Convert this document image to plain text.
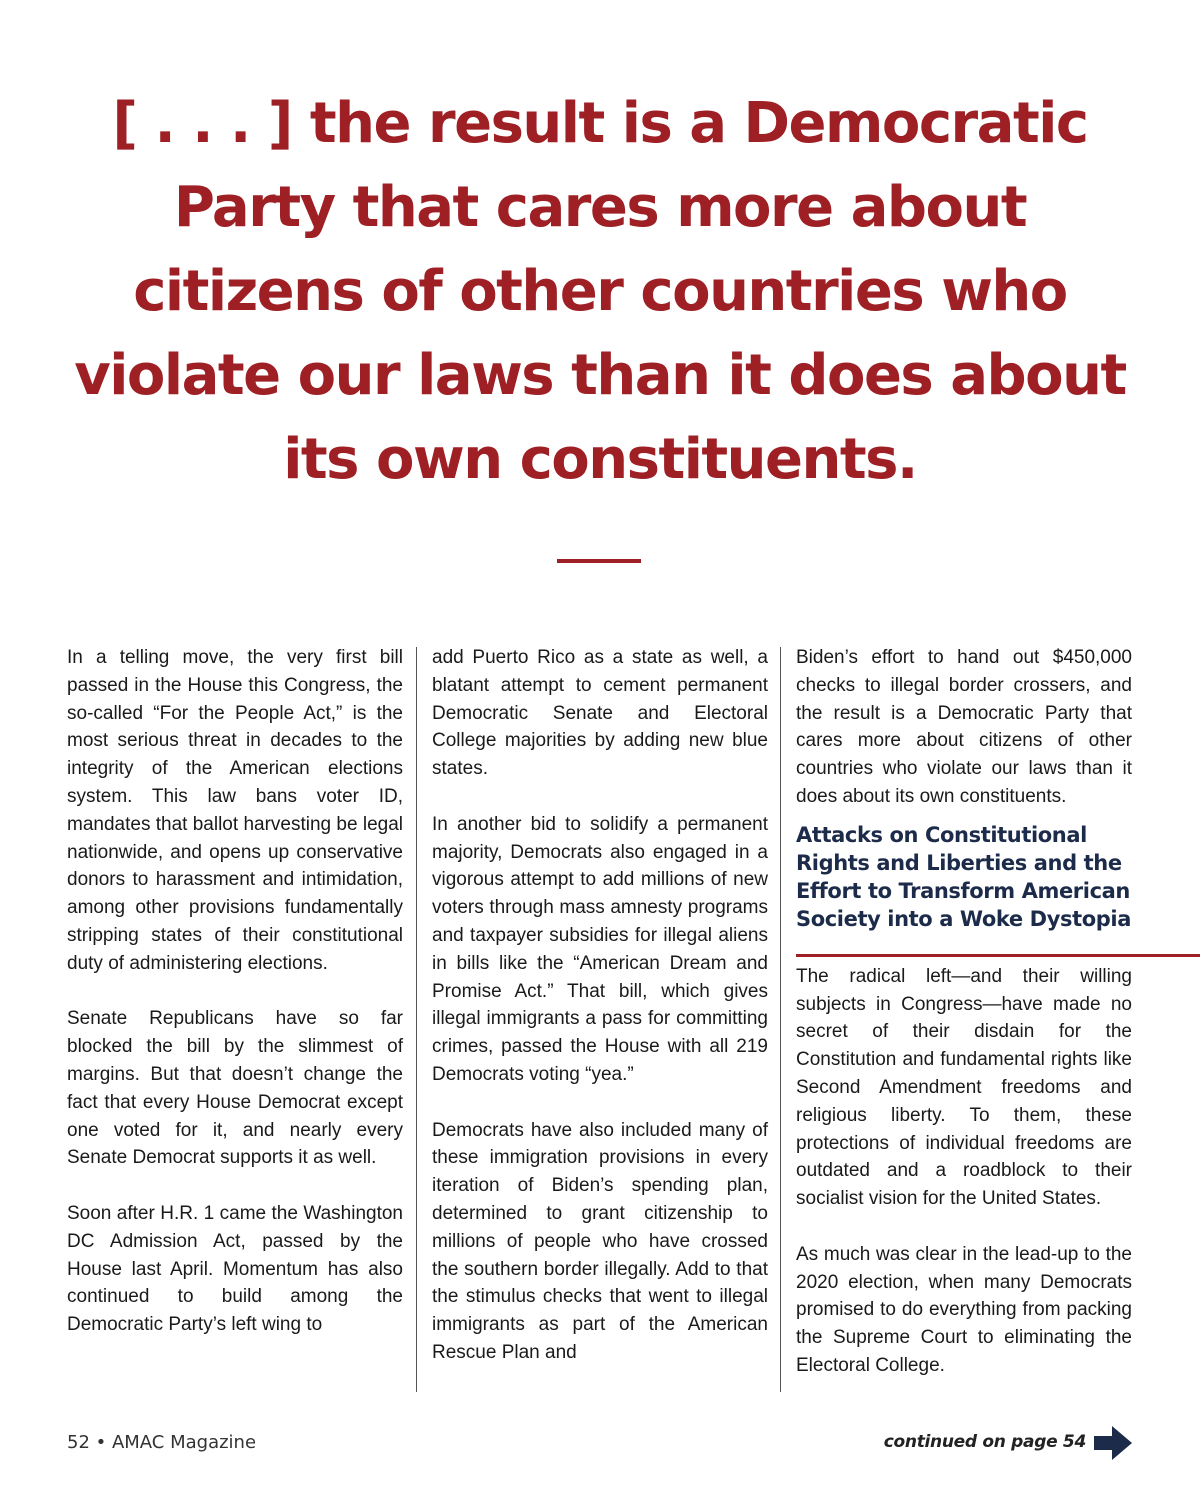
[ . . . ] the result is a Democratic
Party that cares more about
citizens of other countries who
violate our laws than it does about
its own constituents.

In a telling move, the very first bill passed in the House this Congress, the so-called “For the People Act,” is the most serious threat in decades to the integrity of the American elections system. This law bans voter ID, mandates that ballot harvesting be legal nationwide, and opens up conservative donors to harassment and intimidation, among other provisions fundamentally stripping states of their constitutional duty of administering elections.

Senate Republicans have so far blocked the bill by the slimmest of margins. But that doesn’t change the fact that every House Democrat except one voted for it, and nearly every Senate Democrat supports it as well.

Soon after H.R. 1 came the Washington DC Admission Act, passed by the House last April. Momentum has also continued to build among the Democratic Party’s left wing to

add Puerto Rico as a state as well, a blatant attempt to cement permanent Democratic Senate and Electoral College majorities by adding new blue states.

In another bid to solidify a permanent majority, Democrats also engaged in a vigorous attempt to add millions of new voters through mass amnesty programs and taxpayer subsidies for illegal aliens in bills like the “American Dream and Promise Act.” That bill, which gives illegal immigrants a pass for committing crimes, passed the House with all 219 Democrats voting “yea.”

Democrats have also included many of these immigration provisions in every iteration of Biden’s spending plan, determined to grant citizenship to millions of people who have crossed the southern border illegally. Add to that the stimulus checks that went to illegal immigrants as part of the American Rescue Plan and

Biden’s effort to hand out $450,000 checks to illegal border crossers, and the result is a Democratic Party that cares more about citizens of other countries who violate our laws than it does about its own constituents.

Attacks on Constitutional Rights and Liberties and the Effort to Transform American Society into a Woke Dystopia

The radical left—and their willing subjects in Congress—have made no secret of their disdain for the Constitution and fundamental rights like Second Amendment freedoms and religious liberty. To them, these protections of individual freedoms are outdated and a roadblock to their socialist vision for the United States.

As much was clear in the lead-up to the 2020 election, when many Democrats promised to do everything from packing the Supreme Court to eliminating the Electoral College.

52 • AMAC Magazine	continued on page 54
